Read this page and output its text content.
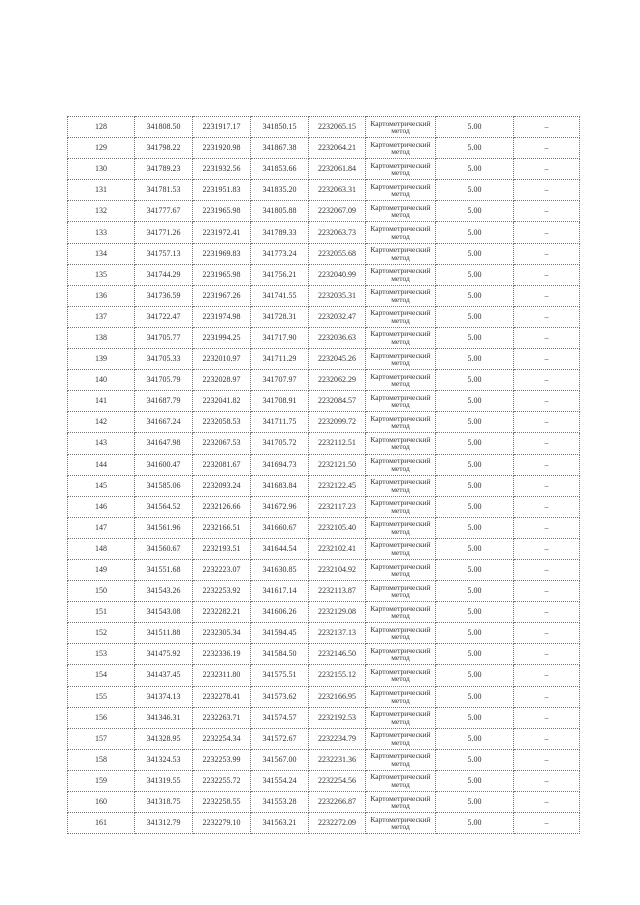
128	341808.50	2231917.17	341850.15	2232065.15	Картометрический метод	5.00	–
129	341798.22	2231920.98	341867.38	2232064.21	Картометрический метод	5.00	–
130	341789.23	2231932.56	341853.66	2232061.84	Картометрический метод	5.00	–
131	341781.53	2231951.83	341835.20	2232063.31	Картометрический метод	5.00	–
132	341777.67	2231965.98	341805.88	2232067.09	Картометрический метод	5.00	–
133	341771.26	2231972.41	341789.33	2232063.73	Картометрический метод	5.00	–
134	341757.13	2231969.83	341773.24	2232055.68	Картометрический метод	5.00	–
135	341744.29	2231965.98	341756.21	2232040.99	Картометрический метод	5.00	–
136	341736.59	2231967.26	341741.55	2232035.31	Картометрический метод	5.00	–
137	341722.47	2231974.98	341728.31	2232032.47	Картометрический метод	5.00	–
138	341705.77	2231994.25	341717.90	2232036.63	Картометрический метод	5.00	–
139	341705.33	2232010.97	341711.29	2232045.26	Картометрический метод	5.00	–
140	341705.79	2232028.97	341707.97	2232062.29	Картометрический метод	5.00	–
141	341687.79	2232041.82	341708.91	2232084.57	Картометрический метод	5.00	–
142	341667.24	2232058.53	341711.75	2232099.72	Картометрический метод	5.00	–
143	341647.98	2232067.53	341705.72	2232112.51	Картометрический метод	5.00	–
144	341600.47	2232081.67	341694.73	2232121.50	Картометрический метод	5.00	–
145	341585.06	2232093.24	341683.84	2232122.45	Картометрический метод	5.00	–
146	341564.52	2232126.66	341672.96	2232117.23	Картометрический метод	5.00	–
147	341561.96	2232166.51	341660.67	2232105.40	Картометрический метод	5.00	–
148	341560.67	2232193.51	341644.54	2232102.41	Картометрический метод	5.00	–
149	341551.68	2232223.07	341630.85	2232104.92	Картометрический метод	5.00	–
150	341543.26	2232253.92	341617.14	2232113.87	Картометрический метод	5.00	–
151	341543.08	2232282.21	341606.26	2232129.08	Картометрический метод	5.00	–
152	341511.88	2232305.34	341594.45	2232137.13	Картометрический метод	5.00	–
153	341475.92	2232336.19	341584.50	2232146.50	Картометрический метод	5.00	–
154	341437.45	2232311.80	341575.51	2232155.12	Картометрический метод	5.00	–
155	341374.13	2232278.41	341573.62	2232166.95	Картометрический метод	5.00	–
156	341346.31	2232263.71	341574.57	2232192.53	Картометрический метод	5.00	–
157	341328.95	2232254.34	341572.67	2232234.79	Картометрический метод	5.00	–
158	341324.53	2232253.99	341567.00	2232231.36	Картометрический метод	5.00	–
159	341319.55	2232255.72	341554.24	2232254.56	Картометрический метод	5.00	–
160	341318.75	2232258.55	341553.28	2232266.87	Картометрический метод	5.00	–
161	341312.79	2232279.10	341563.21	2232272.09	Картометрический метод	5.00	–
